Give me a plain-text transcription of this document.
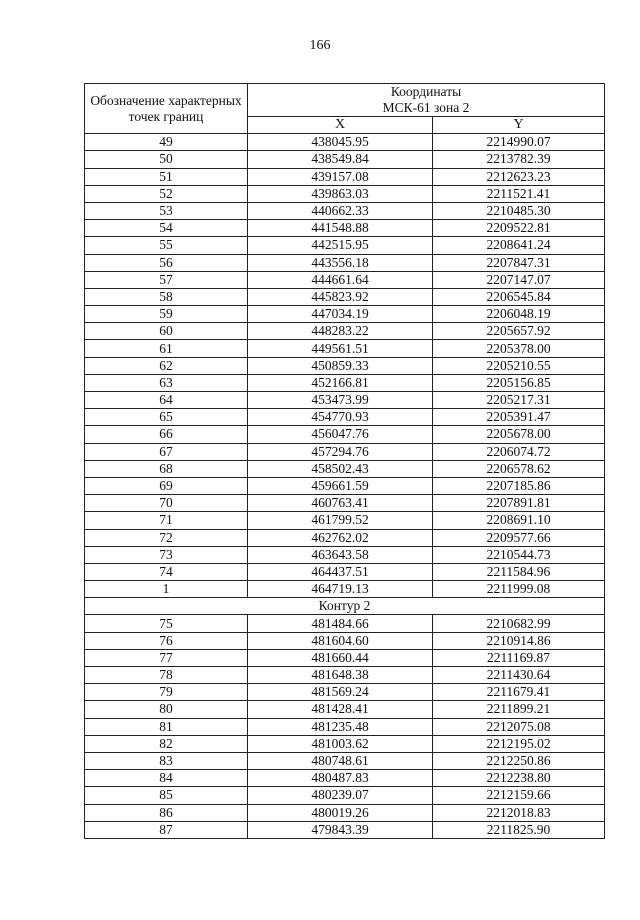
166
Обозначение характерных точек границ	Координаты
МСК-61 зона 2	

	X	Y
49	438045.95	2214990.07
50	438549.84	2213782.39
51	439157.08	2212623.23
52	439863.03	2211521.41
53	440662.33	2210485.30
54	441548.88	2209522.81
55	442515.95	2208641.24
56	443556.18	2207847.31
57	444661.64	2207147.07
58	445823.92	2206545.84
59	447034.19	2206048.19
60	448283.22	2205657.92
61	449561.51	2205378.00
62	450859.33	2205210.55
63	452166.81	2205156.85
64	453473.99	2205217.31
65	454770.93	2205391.47
66	456047.76	2205678.00
67	457294.76	2206074.72
68	458502.43	2206578.62
69	459661.59	2207185.86
70	460763.41	2207891.81
71	461799.52	2208691.10
72	462762.02	2209577.66
73	463643.58	2210544.73
74	464437.51	2211584.96
1	464719.13	2211999.08
Контур 2		
75	481484.66	2210682.99
76	481604.60	2210914.86
77	481660.44	2211169.87
78	481648.38	2211430.64
79	481569.24	2211679.41
80	481428.41	2211899.21
81	481235.48	2212075.08
82	481003.62	2212195.02
83	480748.61	2212250.86
84	480487.83	2212238.80
85	480239.07	2212159.66
86	480019.26	2212018.83
87	479843.39	2211825.90
